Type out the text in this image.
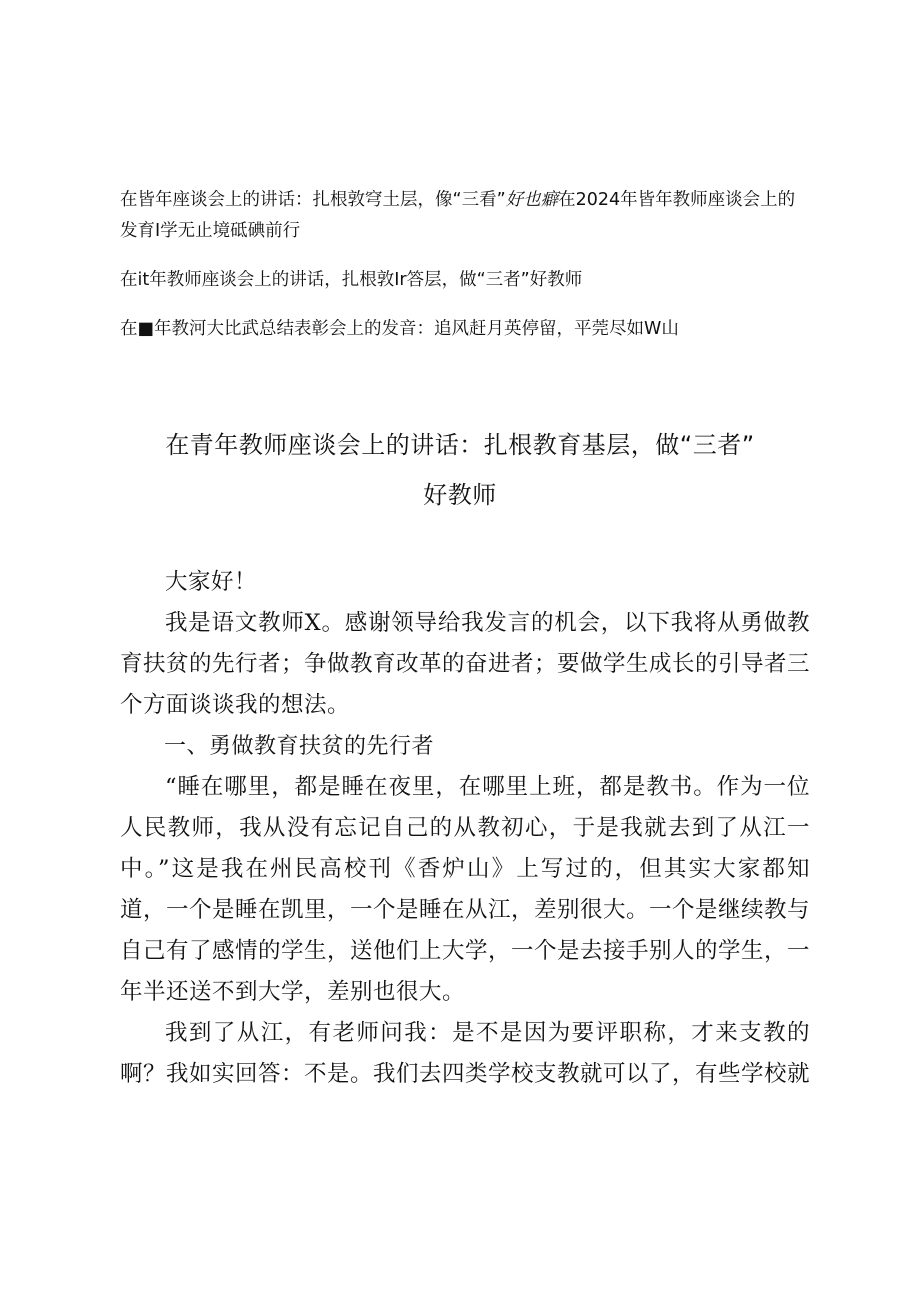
在皆年座谈会上的讲话：扎根敦穹土层，像“三看”好也癖在2024年皆年教师座谈会上的发育I学无止境砥碘前行
在it年教师座谈会上的讲话，扎根敦Ir答层，做“三者”好教师
在■年教河大比武总结表彰会上的发音：追风赶月英停留，平莞尽如W山
在青年教师座谈会上的讲话：扎根教育基层，做“三者”
好教师

大家好！

我是语文教师X。感谢领导给我发言的机会，以下我将从勇做教育扶贫的先行者；争做教育改革的奋进者；要做学生成长的引导者三个方面谈谈我的想法。

一、勇做教育扶贫的先行者

“睡在哪里，都是睡在夜里，在哪里上班，都是教书。作为一位人民教师，我从没有忘记自己的从教初心，于是我就去到了从江一中。”这是我在州民高校刊《香炉山》上写过的，但其实大家都知道，一个是睡在凯里，一个是睡在从江，差别很大。一个是继续教与自己有了感情的学生，送他们上大学，一个是去接手别人的学生，一年半还送不到大学，差别也很大。

我到了从江，有老师问我：是不是因为要评职称，才来支教的啊？我如实回答：不是。我们去四类学校支教就可以了，有些学校就
